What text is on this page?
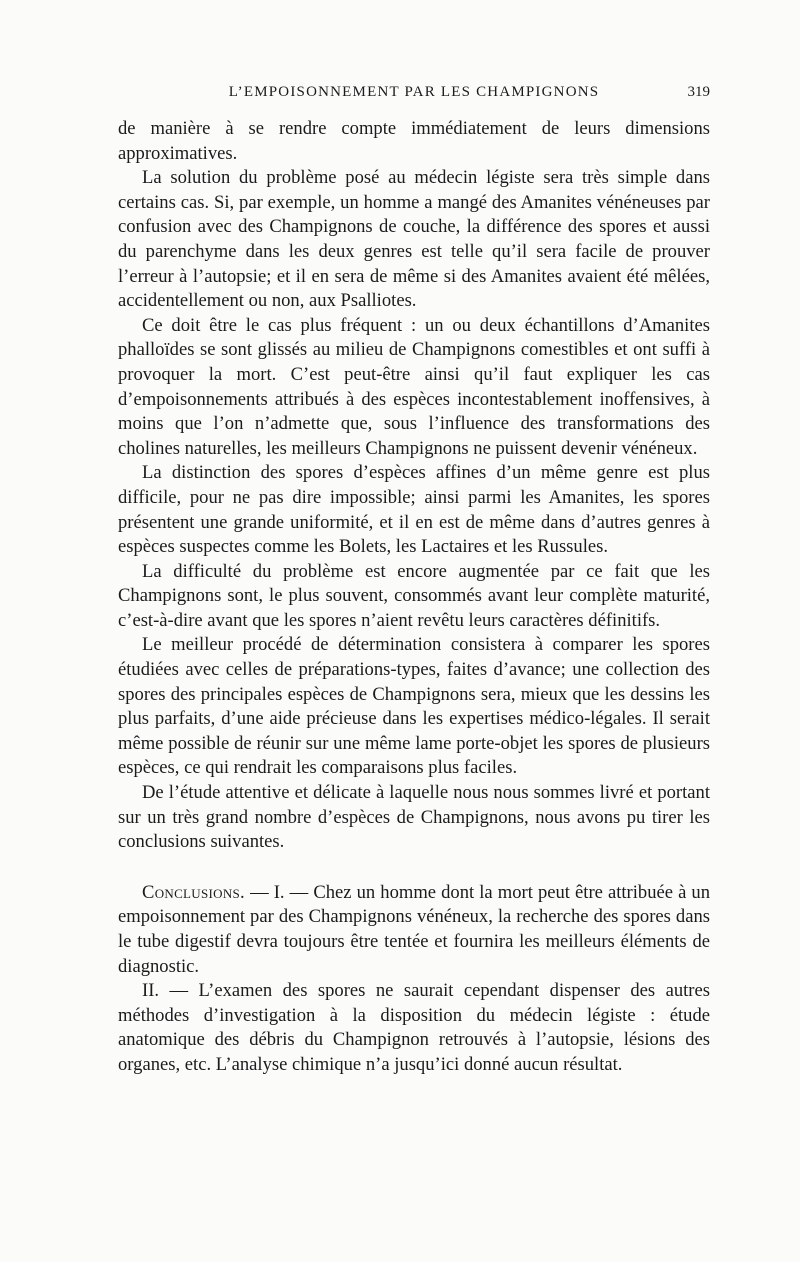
L’EMPOISONNEMENT PAR LES CHAMPIGNONS	319

de manière à se rendre compte immédiatement de leurs dimensions approximatives.

La solution du problème posé au médecin légiste sera très simple dans certains cas. Si, par exemple, un homme a mangé des Amanites vénéneuses par confusion avec des Champignons de couche, la différence des spores et aussi du parenchyme dans les deux genres est telle qu’il sera facile de prouver l’erreur à l’autopsie; et il en sera de même si des Amanites avaient été mêlées, accidentellement ou non, aux Psalliotes.

Ce doit être le cas plus fréquent : un ou deux échantillons d’Amanites phalloïdes se sont glissés au milieu de Champignons comestibles et ont suffi à provoquer la mort. C’est peut-être ainsi qu’il faut expliquer les cas d’empoisonnements attribués à des espèces incontestablement inoffensives, à moins que l’on n’admette que, sous l’influence des transformations des cholines naturelles, les meilleurs Champignons ne puissent devenir vénéneux.

La distinction des spores d’espèces affines d’un même genre est plus difficile, pour ne pas dire impossible; ainsi parmi les Amanites, les spores présentent une grande uniformité, et il en est de même dans d’autres genres à espèces suspectes comme les Bolets, les Lactaires et les Russules.

La difficulté du problème est encore augmentée par ce fait que les Champignons sont, le plus souvent, consommés avant leur complète maturité, c’est-à-dire avant que les spores n’aient revêtu leurs caractères définitifs.

Le meilleur procédé de détermination consistera à comparer les spores étudiées avec celles de préparations-types, faites d’avance; une collection des spores des principales espèces de Champignons sera, mieux que les dessins les plus parfaits, d’une aide précieuse dans les expertises médico-légales. Il serait même possible de réunir sur une même lame porte-objet les spores de plusieurs espèces, ce qui rendrait les comparaisons plus faciles.

De l’étude attentive et délicate à laquelle nous nous sommes livré et portant sur un très grand nombre d’espèces de Champignons, nous avons pu tirer les conclusions suivantes.

Conclusions. — I. — Chez un homme dont la mort peut être attribuée à un empoisonnement par des Champignons vénéneux, la recherche des spores dans le tube digestif devra toujours être tentée et fournira les meilleurs éléments de diagnostic.

II. — L’examen des spores ne saurait cependant dispenser des autres méthodes d’investigation à la disposition du médecin légiste : étude anatomique des débris du Champignon retrouvés à l’autopsie, lésions des organes, etc. L’analyse chimique n’a jusqu’ici donné aucun résultat.
